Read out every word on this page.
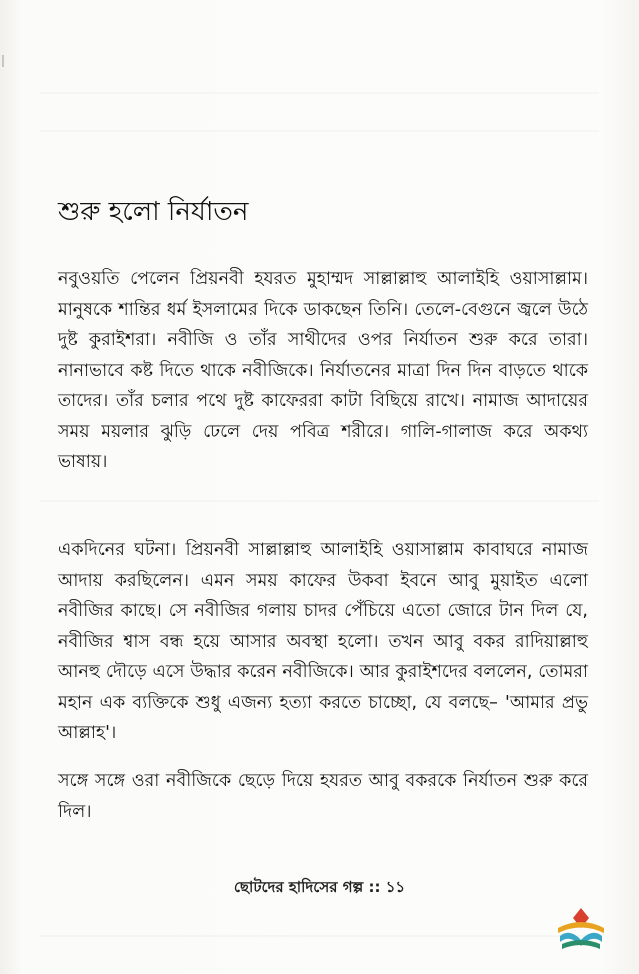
শুরু হলো নির্যাতন
নবুওয়তি পেলেন প্রিয়নবী হযরত মুহাম্মদ সাল্লাল্লাহু আলাইহি ওয়াসাল্লাম। মানুষকে শান্তির ধর্ম ইসলামের দিকে ডাকছেন তিনি। তেলে-বেগুনে জ্বলে উঠে দুষ্ট কুরাইশরা। নবীজি ও তাঁর সাথীদের ওপর নির্যাতন শুরু করে তারা। নানাভাবে কষ্ট দিতে থাকে নবীজিকে। নির্যাতনের মাত্রা দিন দিন বাড়তে থাকে তাদের। তাঁর চলার পথে দুষ্ট কাফেররা কাটা বিছিয়ে রাখে। নামাজ আদায়ের সময় ময়লার ঝুড়ি ঢেলে দেয় পবিত্র শরীরে। গালি-গালাজ করে অকথ্য ভাষায়।
একদিনের ঘটনা। প্রিয়নবী সাল্লাল্লাহু আলাইহি ওয়াসাল্লাম কাবাঘরে নামাজ আদায় করছিলেন। এমন সময় কাফের উকবা ইবনে আবু মুয়াইত এলো নবীজির কাছে। সে নবীজির গলায় চাদর পেঁচিয়ে এতো জোরে টান দিল যে, নবীজির শ্বাস বন্ধ হয়ে আসার অবস্থা হলো। তখন আবু বকর রাদিয়াল্লাহু আনহু দৌড়ে এসে উদ্ধার করেন নবীজিকে। আর কুরাইশদের বললেন, তোমরা মহান এক ব্যক্তিকে শুধু এজন্য হত্যা করতে চাচ্ছো, যে বলছে– 'আমার প্রভু আল্লাহ'।
সঙ্গে সঙ্গে ওরা নবীজিকে ছেড়ে দিয়ে হযরত আবু বকরকে নির্যাতন শুরু করে দিল।
ছোটদের হাদিসের গল্প :: ১১
